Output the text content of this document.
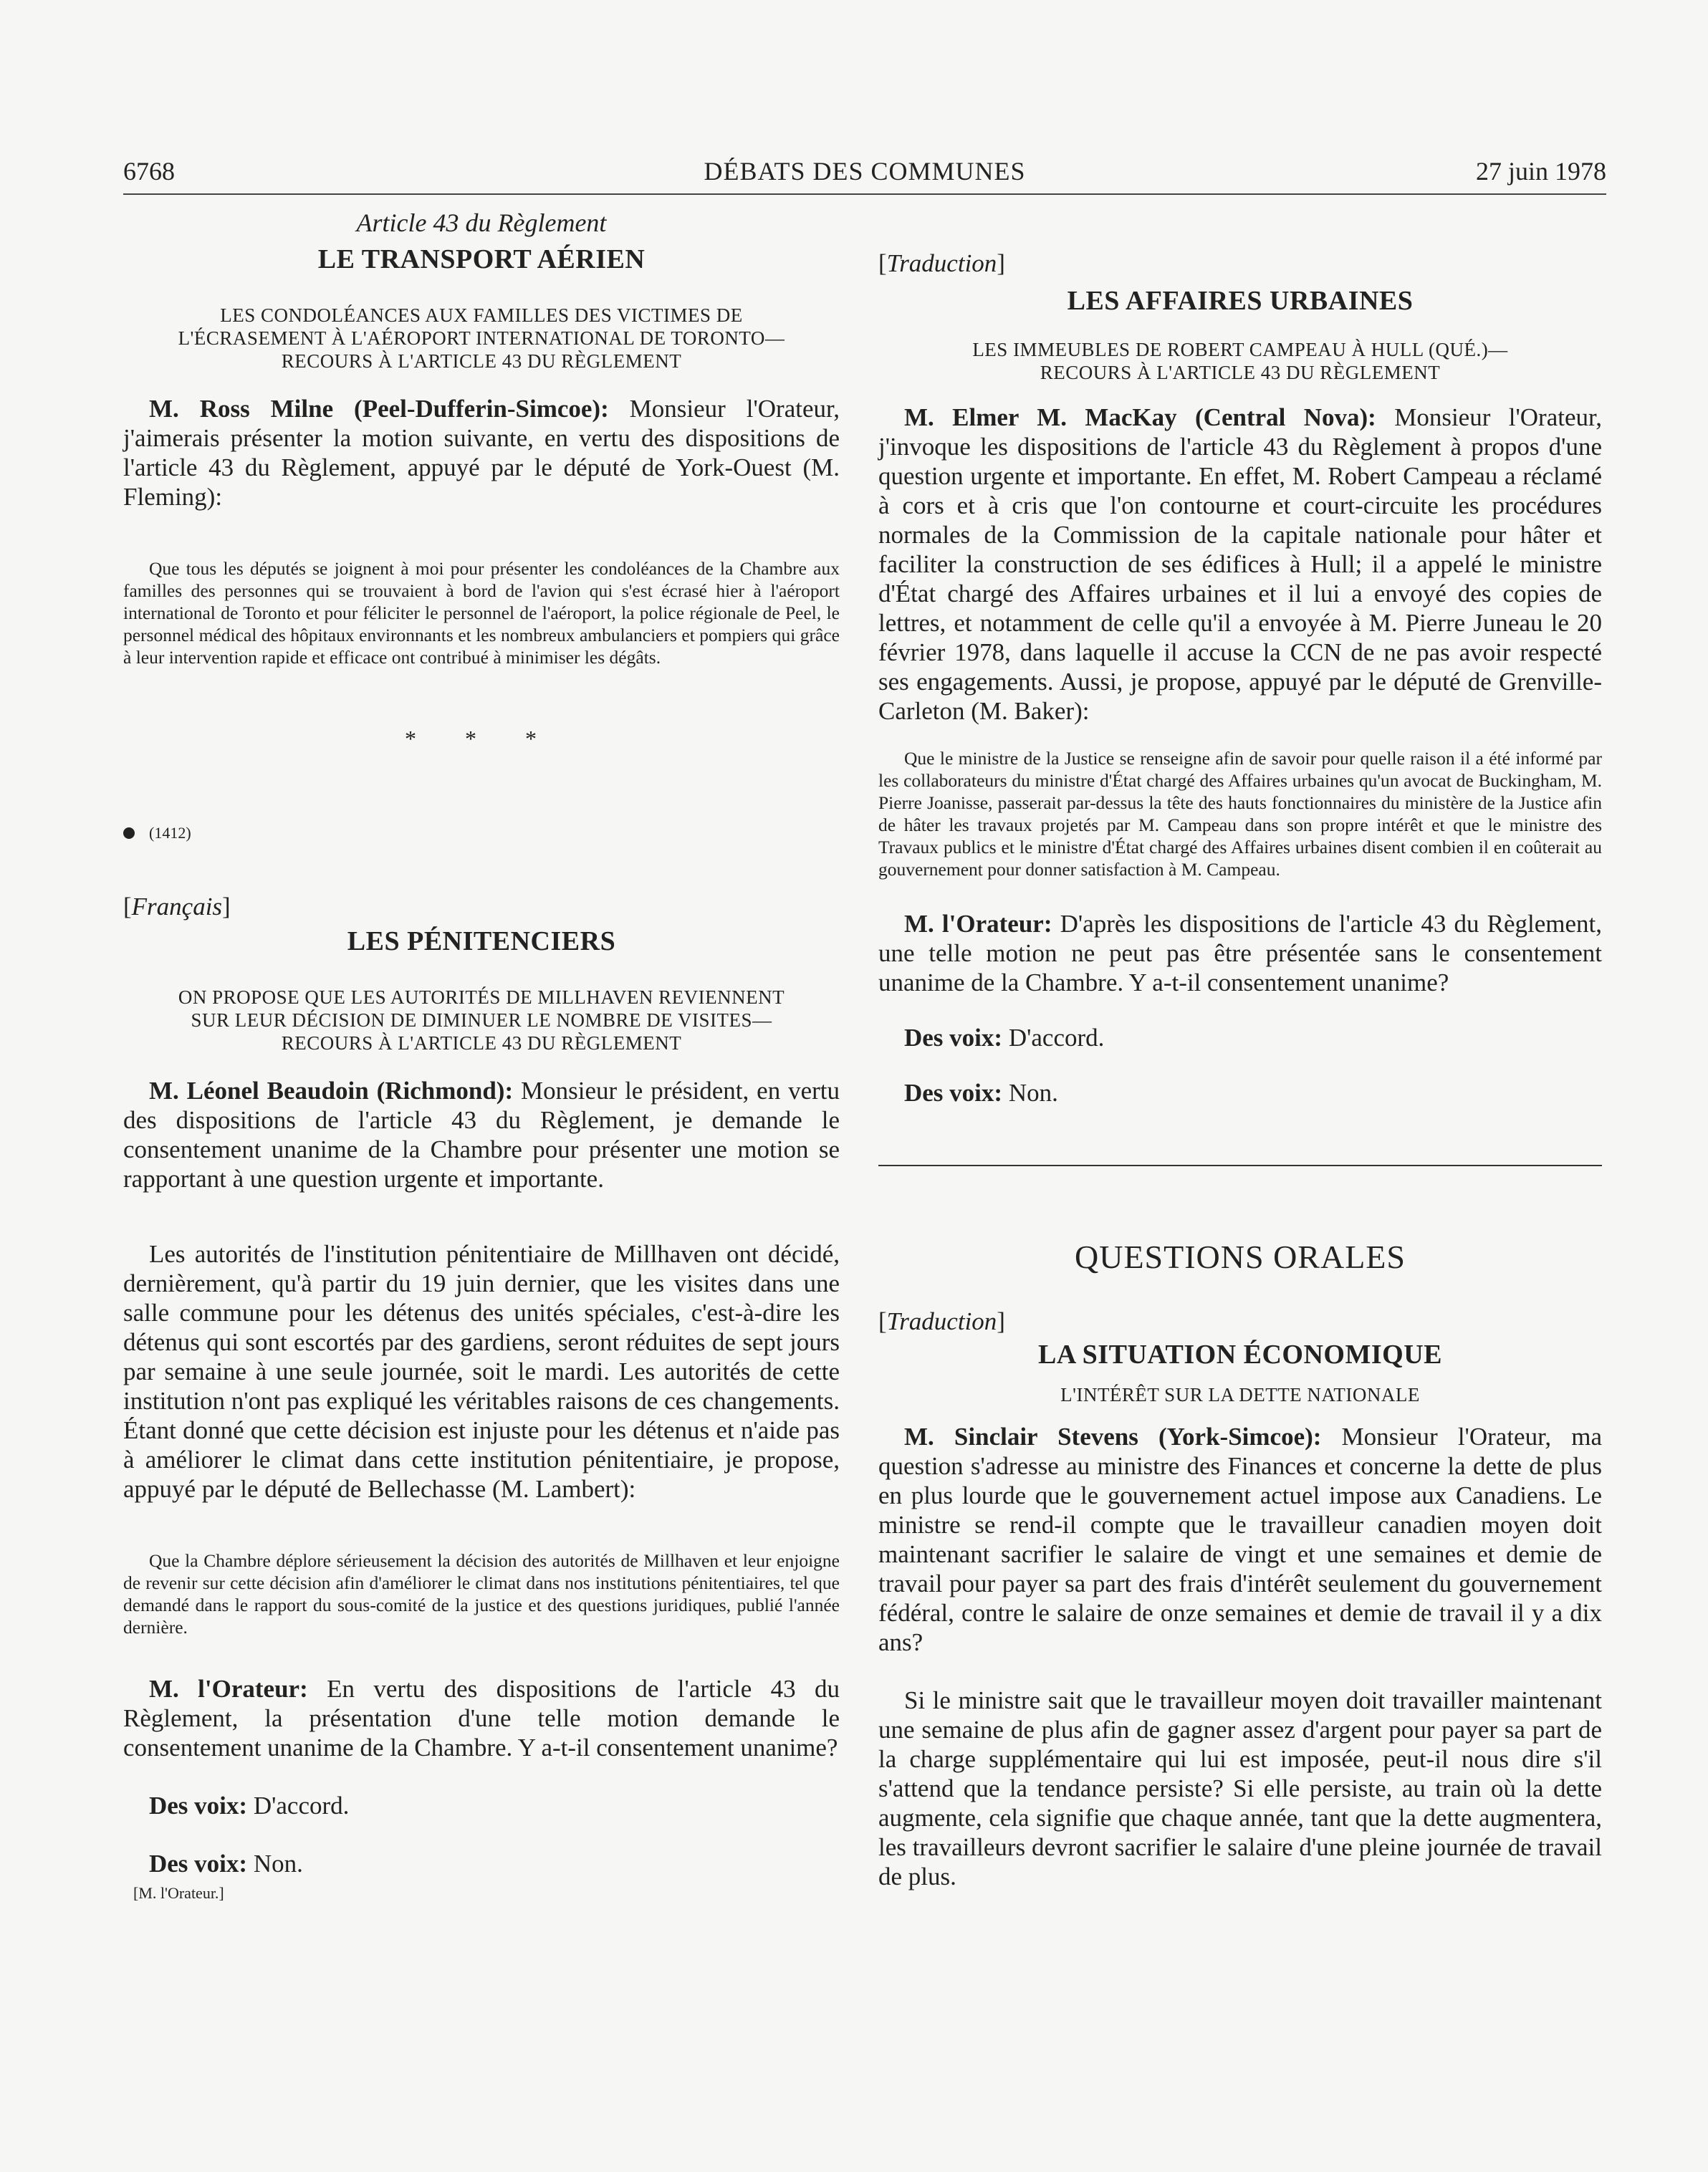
6768	DÉBATS DES COMMUNES	27 juin 1978
Article 43 du Règlement
LE TRANSPORT AÉRIEN
LES CONDOLÉANCES AUX FAMILLES DES VICTIMES DE
L'ÉCRASEMENT À L'AÉROPORT INTERNATIONAL DE TORONTO—
RECOURS À L'ARTICLE 43 DU RÈGLEMENT

M. Ross Milne (Peel-Dufferin-Simcoe): Monsieur l'Orateur, j'aimerais présenter la motion suivante, en vertu des dispositions de l'article 43 du Règlement, appuyé par le député de York-Ouest (M. Fleming):

Que tous les députés se joignent à moi pour présenter les condoléances de la Chambre aux familles des personnes qui se trouvaient à bord de l'avion qui s'est écrasé hier à l'aéroport international de Toronto et pour féliciter le personnel de l'aéroport, la police régionale de Peel, le personnel médical des hôpitaux environnants et les nombreux ambulanciers et pompiers qui grâce à leur intervention rapide et efficace ont contribué à minimiser les dégâts.

* * *
(1412)
[Français]
LES PÉNITENCIERS
ON PROPOSE QUE LES AUTORITÉS DE MILLHAVEN REVIENNENT
SUR LEUR DÉCISION DE DIMINUER LE NOMBRE DE VISITES—
RECOURS À L'ARTICLE 43 DU RÈGLEMENT

M. Léonel Beaudoin (Richmond): Monsieur le président, en vertu des dispositions de l'article 43 du Règlement, je demande le consentement unanime de la Chambre pour présenter une motion se rapportant à une question urgente et importante.

Les autorités de l'institution pénitentiaire de Millhaven ont décidé, dernièrement, qu'à partir du 19 juin dernier, que les visites dans une salle commune pour les détenus des unités spéciales, c'est-à-dire les détenus qui sont escortés par des gardiens, seront réduites de sept jours par semaine à une seule journée, soit le mardi. Les autorités de cette institution n'ont pas expliqué les véritables raisons de ces changements. Étant donné que cette décision est injuste pour les détenus et n'aide pas à améliorer le climat dans cette institution pénitentiaire, je propose, appuyé par le député de Bellechasse (M. Lambert):

Que la Chambre déplore sérieusement la décision des autorités de Millhaven et leur enjoigne de revenir sur cette décision afin d'améliorer le climat dans nos institutions pénitentiaires, tel que demandé dans le rapport du sous-comité de la justice et des questions juridiques, publié l'année dernière.

M. l'Orateur: En vertu des dispositions de l'article 43 du Règlement, la présentation d'une telle motion demande le consentement unanime de la Chambre. Y a-t-il consentement unanime?

Des voix: D'accord.

Des voix: Non.

[M. l'Orateur.]
[Traduction]
LES AFFAIRES URBAINES
LES IMMEUBLES DE ROBERT CAMPEAU À HULL (QUÉ.)—
RECOURS À L'ARTICLE 43 DU RÈGLEMENT

M. Elmer M. MacKay (Central Nova): Monsieur l'Orateur, j'invoque les dispositions de l'article 43 du Règlement à propos d'une question urgente et importante. En effet, M. Robert Campeau a réclamé à cors et à cris que l'on contourne et court-circuite les procédures normales de la Commission de la capitale nationale pour hâter et faciliter la construction de ses édifices à Hull; il a appelé le ministre d'État chargé des Affaires urbaines et il lui a envoyé des copies de lettres, et notamment de celle qu'il a envoyée à M. Pierre Juneau le 20 février 1978, dans laquelle il accuse la CCN de ne pas avoir respecté ses engagements. Aussi, je propose, appuyé par le député de Grenville-Carleton (M. Baker):

Que le ministre de la Justice se renseigne afin de savoir pour quelle raison il a été informé par les collaborateurs du ministre d'État chargé des Affaires urbaines qu'un avocat de Buckingham, M. Pierre Joanisse, passerait par-dessus la tête des hauts fonctionnaires du ministère de la Justice afin de hâter les travaux projetés par M. Campeau dans son propre intérêt et que le ministre des Travaux publics et le ministre d'État chargé des Affaires urbaines disent combien il en coûterait au gouvernement pour donner satisfaction à M. Campeau.

M. l'Orateur: D'après les dispositions de l'article 43 du Règlement, une telle motion ne peut pas être présentée sans le consentement unanime de la Chambre. Y a-t-il consentement unanime?

Des voix: D'accord.

Des voix: Non.

QUESTIONS ORALES
[Traduction]
LA SITUATION ÉCONOMIQUE
L'INTÉRÊT SUR LA DETTE NATIONALE

M. Sinclair Stevens (York-Simcoe): Monsieur l'Orateur, ma question s'adresse au ministre des Finances et concerne la dette de plus en plus lourde que le gouvernement actuel impose aux Canadiens. Le ministre se rend-il compte que le travailleur canadien moyen doit maintenant sacrifier le salaire de vingt et une semaines et demie de travail pour payer sa part des frais d'intérêt seulement du gouvernement fédéral, contre le salaire de onze semaines et demie de travail il y a dix ans?

Si le ministre sait que le travailleur moyen doit travailler maintenant une semaine de plus afin de gagner assez d'argent pour payer sa part de la charge supplémentaire qui lui est imposée, peut-il nous dire s'il s'attend que la tendance persiste? Si elle persiste, au train où la dette augmente, cela signifie que chaque année, tant que la dette augmentera, les travailleurs devront sacrifier le salaire d'une pleine journée de travail de plus.
